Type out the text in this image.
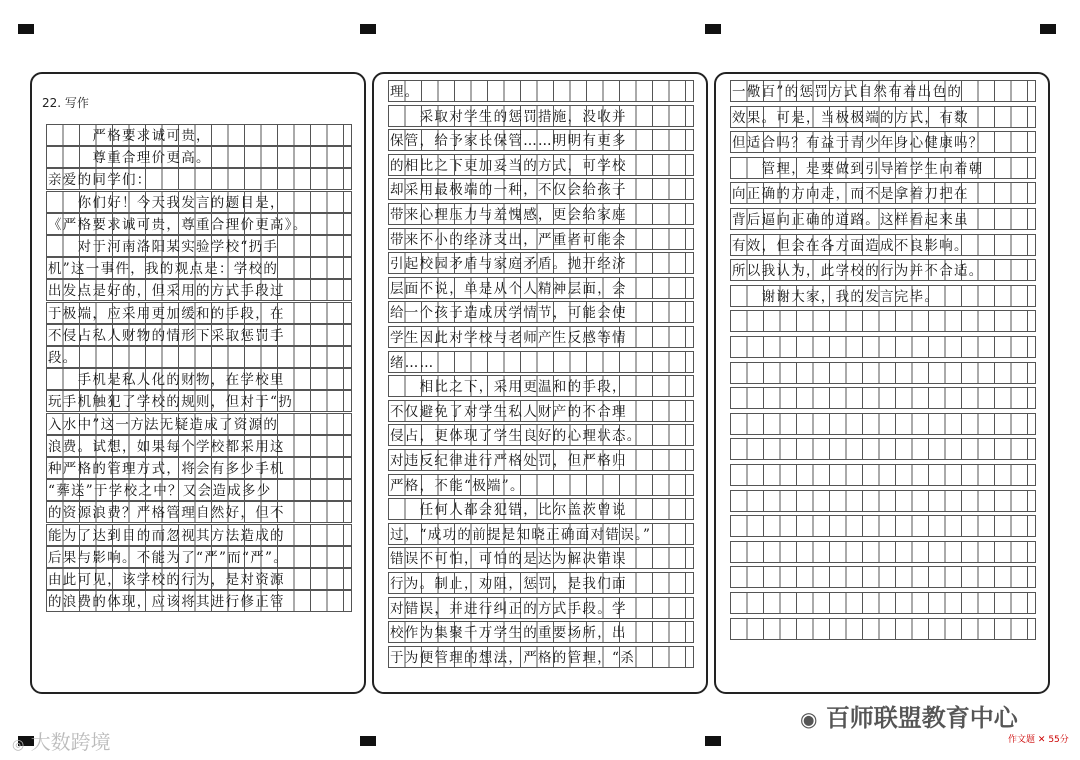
22. 写作
　　　严格要求诚可贵，
　　　尊重合理价更高。
亲爱的同学们：
　　你们好！今天我发言的题目是，
《严格要求诚可贵，尊重合理价更高》。
　　对于河南洛阳某实验学校“扔手
机”这一事件，我的观点是：学校的
出发点是好的，但采用的方式手段过
于极端，应采用更加缓和的手段，在
不侵占私人财物的情形下采取惩罚手
段。
　　手机是私人化的财物，在学校里
玩手机触犯了学校的规则，但对于“扔
入水中”这一方法无疑造成了资源的
浪费。试想，如果每个学校都采用这
种严格的管理方式，将会有多少手机
“葬送”于学校之中？又会造成多少
的资源浪费？严格管理自然好，但不
能为了达到目的而忽视其方法造成的
后果与影响。不能为了“严”而“严”。
由此可见，该学校的行为，是对资源
的浪费的体现，应该将其进行修正管
理。
　　采取对学生的惩罚措施，没收并
保管，给予家长保管……明明有更多
的相比之下更加妥当的方式，可学校
却采用最极端的一种，不仅会给孩子
带来心理压力与羞愧感，更会给家庭
带来不小的经济支出，严重者可能会
引起校园矛盾与家庭矛盾。抛开经济
层面不说，单是从个人精神层面，会
给一个孩子造成厌学情节，可能会使
学生因此对学校与老师产生反感等情
绪……
　　相比之下，采用更温和的手段，
不仅避免了对学生私人财产的不合理
侵占，更体现了学生良好的心理状态。
对违反纪律进行严格处罚，但严格归
严格，不能“极端”。
　　任何人都会犯错，比尔盖茨曾说
过，“成功的前提是知晓正确面对错误。”
错误不可怕，可怕的是达为解决错误
行为。制止，劝阻，惩罚，是我们面
对错误，并进行纠正的方式手段。学
校作为集聚千万学生的重要场所，出
于为便管理的想法，严格的管理，“杀
一儆百”的惩罚方式自然有着出色的
效果。可是，当极极端的方式，有数
但适合吗？有益于青少年身心健康吗？
　　管理，是要做到引导着学生向着朝
向正确的方向走，而不是拿着刀把在
背后逼向正确的道路。这样看起来虽
有效，但会在各方面造成不良影响。
所以我认为，此学校的行为并不合适。
　　谢谢大家，我的发言完毕。
◎ 大数跨境
◉ 百师联盟教育中心
作文题 ✕ 55分
